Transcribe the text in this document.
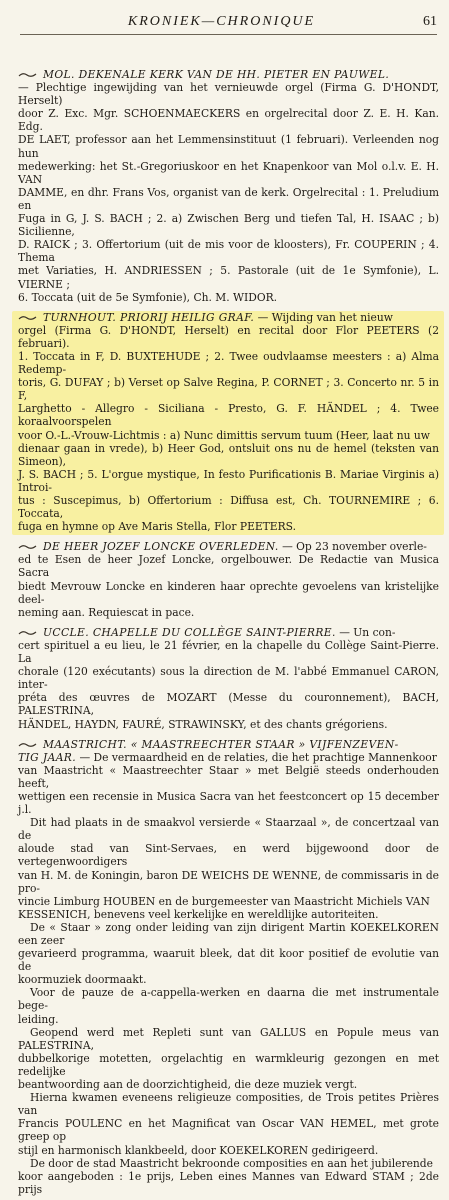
KRONIEK—CHRONIQUE	61

MOL. DEKENALE KERK VAN DE HH. PIETER EN PAUWEL.

— Plechtige ingewijding van het vernieuwde orgel (Firma G. D'HONDT, Herselt)

door Z. Exc. Mgr. SCHOENMAECKERS en orgelrecital door Z. E. H. Kan. Edg.

DE LAET, professor aan het Lemmensinstituut (1 februari). Verleenden nog hun

medewerking: het St.-Gregoriuskoor en het Knapenkoor van Mol o.l.v. E. H. VAN

DAMME, en dhr. Frans Vos, organist van de kerk. Orgelrecital : 1. Preludium en

Fuga in G, J. S. BACH ; 2. a) Zwischen Berg und tiefen Tal, H. ISAAC ; b) Sicilienne,

D. RAICK ; 3. Offertorium (uit de mis voor de kloosters), Fr. COUPERIN ; 4. Thema

met Variaties, H. ANDRIESSEN ; 5. Pastorale (uit de 1e Symfonie), L. VIERNE ;

6. Toccata (uit de 5e Symfonie), Ch. M. WIDOR.

TURNHOUT. PRIORIJ HEILIG GRAF. — Wijding van het nieuw

orgel (Firma G. D'HONDT, Herselt) en recital door Flor PEETERS (2 februari).

1. Toccata in F, D. BUXTEHUDE ; 2. Twee oudvlaamse meesters : a) Alma Redemp-

toris, G. DUFAY ; b) Verset op Salve Regina, P. CORNET ; 3. Concerto nr. 5 in F,

Larghetto - Allegro - Siciliana - Presto, G. F. HÄNDEL ; 4. Twee koraalvoorspelen

voor O.-L.-Vrouw-Lichtmis : a) Nunc dimittis servum tuum (Heer, laat nu uw

dienaar gaan in vrede), b) Heer God, ontsluit ons nu de hemel (teksten van Simeon),

J. S. BACH ; 5. L'orgue mystique, In festo Purificationis B. Mariae Virginis a) Introi-

tus : Suscepimus, b) Offertorium : Diffusa est, Ch. TOURNEMIRE ; 6. Toccata,

fuga en hymne op Ave Maris Stella, Flor PEETERS.

DE HEER JOZEF LONCKE OVERLEDEN. — Op 23 november overle-

ed te Esen de heer Jozef Loncke, orgelbouwer. De Redactie van Musica Sacra

biedt Mevrouw Loncke en kinderen haar oprechte gevoelens van kristelijke deel-

neming aan. Requiescat in pace.

UCCLE. CHAPELLE DU COLLÈGE SAINT-PIERRE. — Un con-

cert spirituel a eu lieu, le 21 février, en la chapelle du Collège Saint-Pierre. La

chorale (120 exécutants) sous la direction de M. l'abbé Emmanuel CARON, inter-

préta des œuvres de MOZART (Messe du couronnement), BACH, PALESTRINA,

HÄNDEL, HAYDN, FAURÉ, STRAWINSKY, et des chants grégoriens.

MAASTRICHT. « MAASTREECHTER STAAR » VIJFENZEVEN-

TIG JAAR. — De vermaardheid en de relaties, die het prachtige Mannenkoor

van Maastricht « Maastreechter Staar » met België steeds onderhouden heeft,

wettigen een recensie in Musica Sacra van het feestconcert op 15 december j.l.

Dit had plaats in de smaakvol versierde « Staarzaal », de concertzaal van de

aloude stad van Sint-Servaes, en werd bijgewoond door de vertegenwoordigers

van H. M. de Koningin, baron DE WEICHS DE WENNE, de commissaris in de pro-

vincie Limburg HOUBEN en de burgemeester van Maastricht Michiels VAN

KESSENICH, benevens veel kerkelijke en wereldlijke autoriteiten.

De « Staar » zong onder leiding van zijn dirigent Martin KOEKELKOREN een zeer

gevarieerd programma, waaruit bleek, dat dit koor positief de evolutie van de

koormuziek doormaakt.

Voor de pauze de a-cappella-werken en daarna die met instrumentale bege-

leiding.

Geopend werd met Repleti sunt van GALLUS en Populе meus van PALESTRINA,

dubbelkorige motetten, orgelachtig en warmkleurig gezongen en met redelijke

beantwoording aan de doorzichtigheid, die deze muziek vergt.

Hierna kwamen eveneens religieuze composities, de Trois petites Prières van

Francis POULENC en het Magnificat van Oscar VAN HEMEL, met grote greep op

stijl en harmonisch klankbeeld, door KOEKELKOREN gedirigeerd.

De door de stad Maastricht bekroonde composities en aan het jubilerende

koor aangeboden : 1e prijs, Leben eines Mannes van Edward STAM ; 2de prijs
